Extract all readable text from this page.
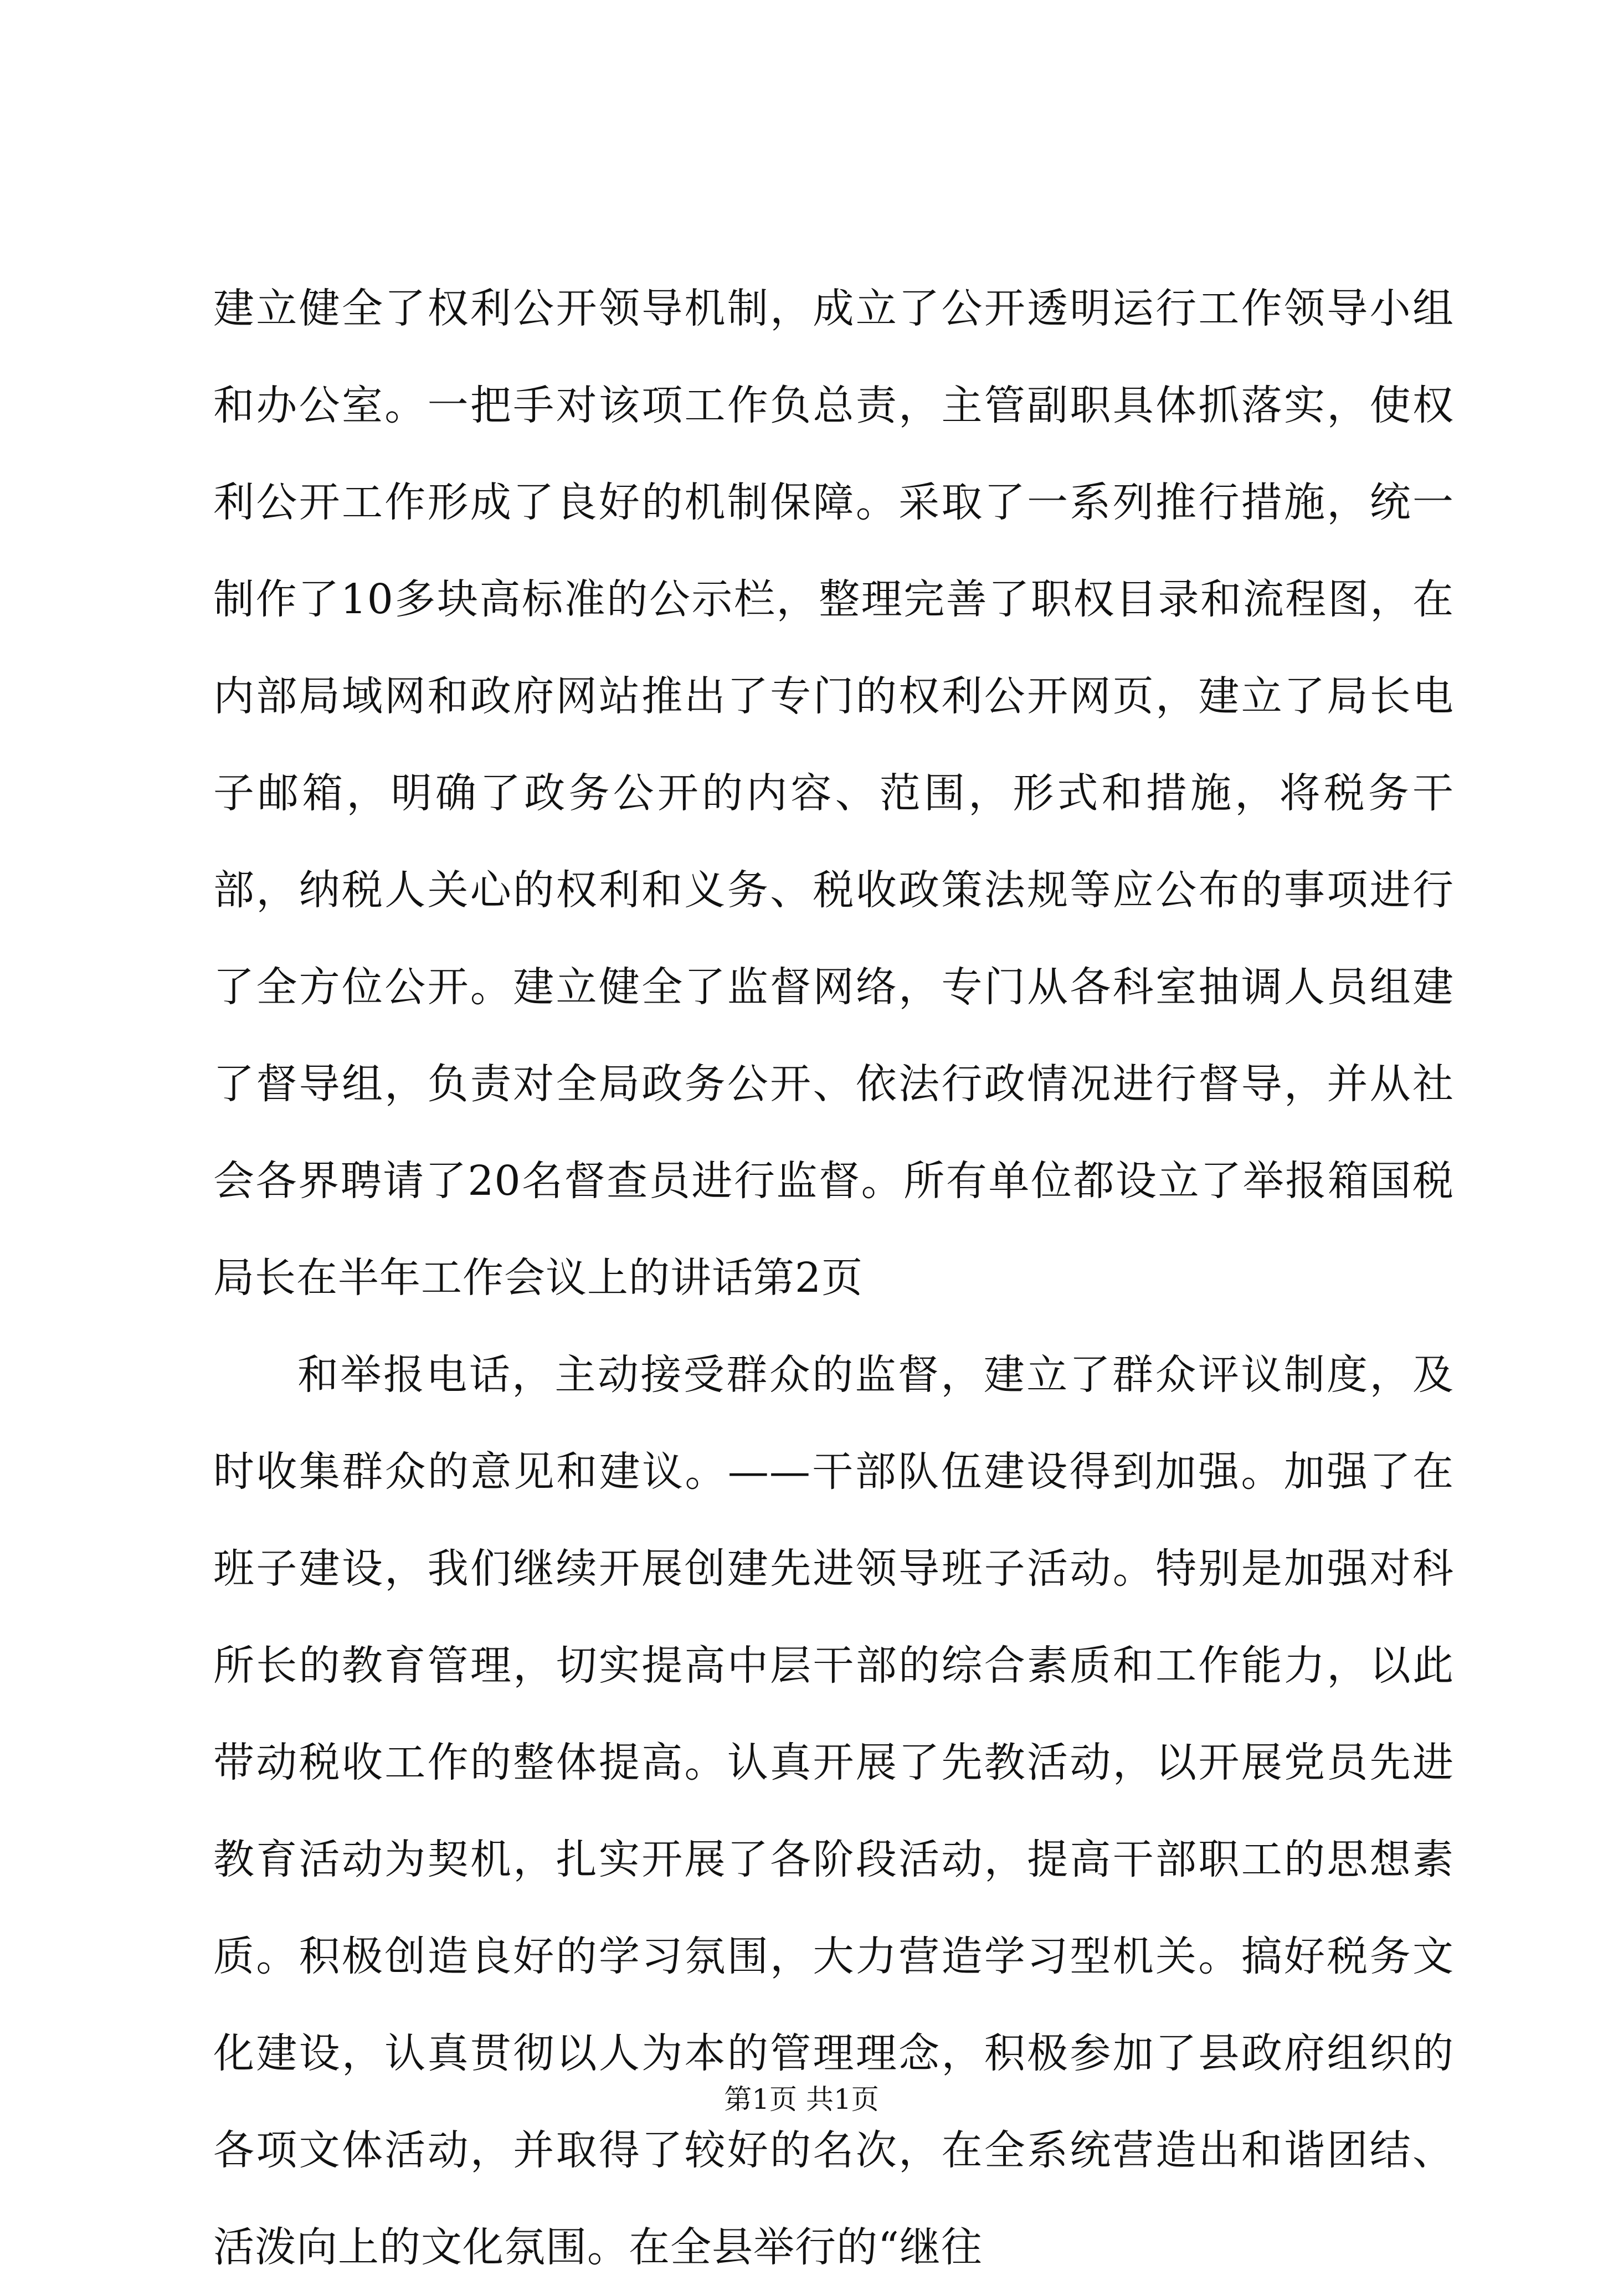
建立健全了权利公开领导机制，成立了公开透明运行工作领导小组和办公室。一把手对该项工作负总责，主管副职具体抓落实，使权利公开工作形成了良好的机制保障。采取了一系列推行措施，统一制作了10多块高标准的公示栏，整理完善了职权目录和流程图，在内部局域网和政府网站推出了专门的权利公开网页，建立了局长电子邮箱，明确了政务公开的内容、范围，形式和措施，将税务干部，纳税人关心的权利和义务、税收政策法规等应公布的事项进行了全方位公开。建立健全了监督网络，专门从各科室抽调人员组建了督导组，负责对全局政务公开、依法行政情况进行督导，并从社会各界聘请了20名督查员进行监督。所有单位都设立了举报箱国税局长在半年工作会议上的讲话第2页

和举报电话，主动接受群众的监督，建立了群众评议制度，及时收集群众的意见和建议。——干部队伍建设得到加强。加强了在班子建设，我们继续开展创建先进领导班子活动。特别是加强对科所长的教育管理，切实提高中层干部的综合素质和工作能力，以此带动税收工作的整体提高。认真开展了先教活动，以开展党员先进教育活动为契机，扎实开展了各阶段活动，提高干部职工的思想素质。积极创造良好的学习氛围，大力营造学习型机关。搞好税务文化建设，认真贯彻以人为本的管理理念，积极参加了县政府组织的各项文体活动，并取得了较好的名次，在全系统营造出和谐团结、活泼向上的文化氛围。在全县举行的“继往

第1页 共1页
